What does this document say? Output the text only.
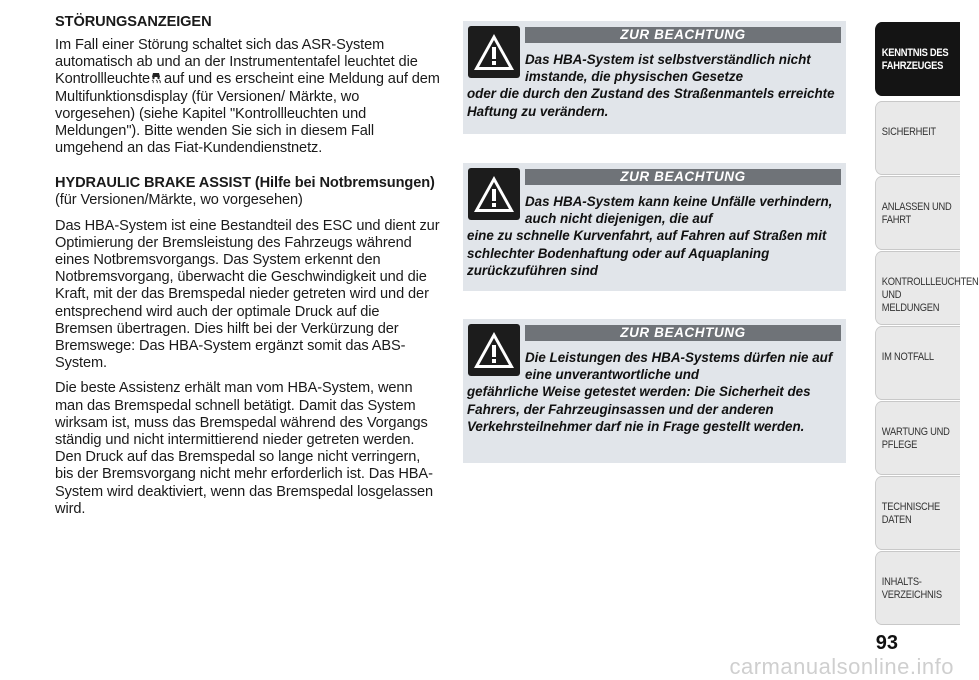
STÖRUNGSANZEIGEN

Im Fall einer Störung schaltet sich das ASR-System automatisch ab und an der Instrumententafel leuchtet die Kontrollleuchte auf und es erscheint eine Meldung auf dem Multifunktionsdisplay (für Versionen/ Märkte, wo vorgesehen) (siehe Kapitel "Kontrollleuchten und Meldungen"). Bitte wenden Sie sich in diesem Fall umgehend an das Fiat-Kundendienstnetz.

HYDRAULIC BRAKE ASSIST (Hilfe bei Notbremsungen)

(für Versionen/Märkte, wo vorgesehen)

Das HBA-System ist eine Bestandteil des ESC und dient zur Optimierung der Bremsleistung des Fahrzeugs während eines Notbremsvorgangs. Das System erkennt den Notbremsvorgang, überwacht die Geschwindigkeit und die Kraft, mit der das Bremspedal nieder getreten wird und der entsprechend wird auch der optimale Druck auf die Bremsen übertragen. Dies hilft bei der Verkürzung der Bremswege: Das HBA-System ergänzt somit das ABS-System.

Die beste Assistenz erhält man vom HBA-System, wenn man das Bremspedal schnell betätigt. Damit das System wirksam ist, muss das Bremspedal während des Vorgangs ständig und nicht intermittierend nieder getreten werden. Den Druck auf das Bremspedal so lange nicht verringern, bis der Bremsvorgang nicht mehr erforderlich ist. Das HBA-System wird deaktiviert, wenn das Bremspedal losgelassen wird.

ZUR BEACHTUNG
Das HBA-System ist selbstverständlich nicht imstande, die physischen Gesetze
oder die durch den Zustand des Straßenmantels erreichte Haftung zu verändern.
ZUR BEACHTUNG
Das HBA-System kann keine Unfälle verhindern, auch nicht diejenigen, die auf
eine zu schnelle Kurvenfahrt, auf Fahren auf Straßen mit schlechter Bodenhaftung oder auf Aquaplaning zurückzuführen sind
ZUR BEACHTUNG
Die Leistungen des HBA-Systems dürfen nie auf eine unverantwortliche und
gefährliche Weise getestet werden: Die Sicherheit des Fahrers, der Fahrzeuginsassen und der anderen Verkehrsteilnehmer darf nie in Frage gestellt werden.
KENNTNIS DES
FAHRZEUGES
SICHERHEIT
ANLASSEN UND
FAHRT
KONTROLLLEUCHTEN
UND MELDUNGEN
IM NOTFALL
WARTUNG UND
PFLEGE
TECHNISCHE DATEN
INHALTS-
VERZEICHNIS
93
carmanualsonline.info
